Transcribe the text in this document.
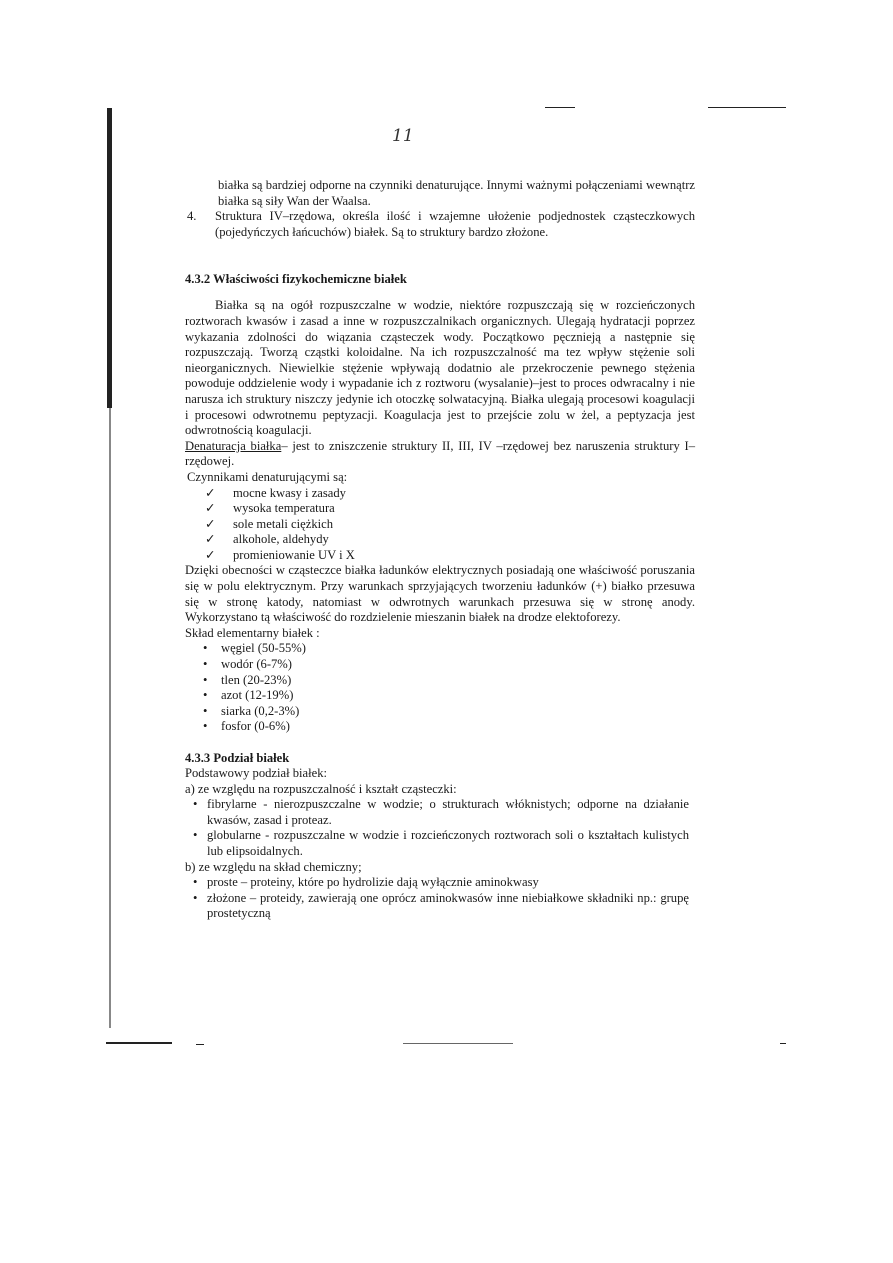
11

białka są bardziej odporne na czynniki denaturujące. Innymi ważnymi połączeniami wewnątrz białka są siły Wan der Waalsa.

4.	Struktura IV–rzędowa, określa ilość i wzajemne ułożenie podjednostek cząsteczkowych (pojedyńczych łańcuchów) białek. Są to struktury bardzo złożone.
4.3.2 Właściwości fizykochemiczne białek

Białka są na ogół rozpuszczalne w wodzie, niektóre rozpuszczają się w rozcieńczonych roztworach kwasów i zasad a inne w rozpuszczalnikach organicznych. Ulegają hydratacji poprzez wykazania zdolności do wiązania cząsteczek wody. Początkowo pęcznieją a następnie się rozpuszczają. Tworzą cząstki koloidalne. Na ich rozpuszczalność ma tez wpływ stężenie soli nieorganicznych. Niewielkie stężenie wpływają dodatnio ale przekroczenie pewnego stężenia powoduje oddzielenie wody i wypadanie ich z roztworu (wysalanie)–jest to proces odwracalny i nie narusza ich struktury niszczy jedynie ich otoczkę solwatacyjną. Białka ulegają procesowi koagulacji i procesowi odwrotnemu peptyzacji. Koagulacja jest to przejście zolu w żel, a peptyzacja jest odwrotnością koagulacji.

Denaturacja białka– jest to zniszczenie struktury II, III, IV –rzędowej bez naruszenia struktury I–rzędowej.

Czynnikami denaturującymi są:

✓ mocne kwasy i zasady
✓ wysoka temperatura
✓ sole metali ciężkich
✓ alkohole, aldehydy
✓ promieniowanie UV i X

Dzięki obecności w cząsteczce białka ładunków elektrycznych posiadają one właściwość poruszania się w polu elektrycznym. Przy warunkach sprzyjających tworzeniu ładunków (+) białko przesuwa się w stronę katody, natomiast w odwrotnych warunkach przesuwa się w stronę anody. Wykorzystano tą właściwość do rozdzielenie mieszanin białek na drodze elektoforezy.

Skład elementarny białek :

• węgiel (50-55%)
• wodór (6-7%)
• tlen (20-23%)
• azot (12-19%)
• siarka (0,2-3%)
• fosfor (0-6%)
4.3.3 Podział białek

Podstawowy podział białek:

a) ze względu na rozpuszczalność i kształt cząsteczki:

• fibrylarne - nierozpuszczalne w wodzie; o strukturach włóknistych; odporne na działanie kwasów, zasad i proteaz.
• globularne - rozpuszczalne w wodzie i rozcieńczonych roztworach soli o kształtach kulistych lub elipsoidalnych.

b) ze względu na skład chemiczny;

• proste – proteiny, które po hydrolizie dają wyłącznie aminokwasy
• złożone – proteidy, zawierają one oprócz aminokwasów inne niebiałkowe składniki np.: grupę prostetyczną
